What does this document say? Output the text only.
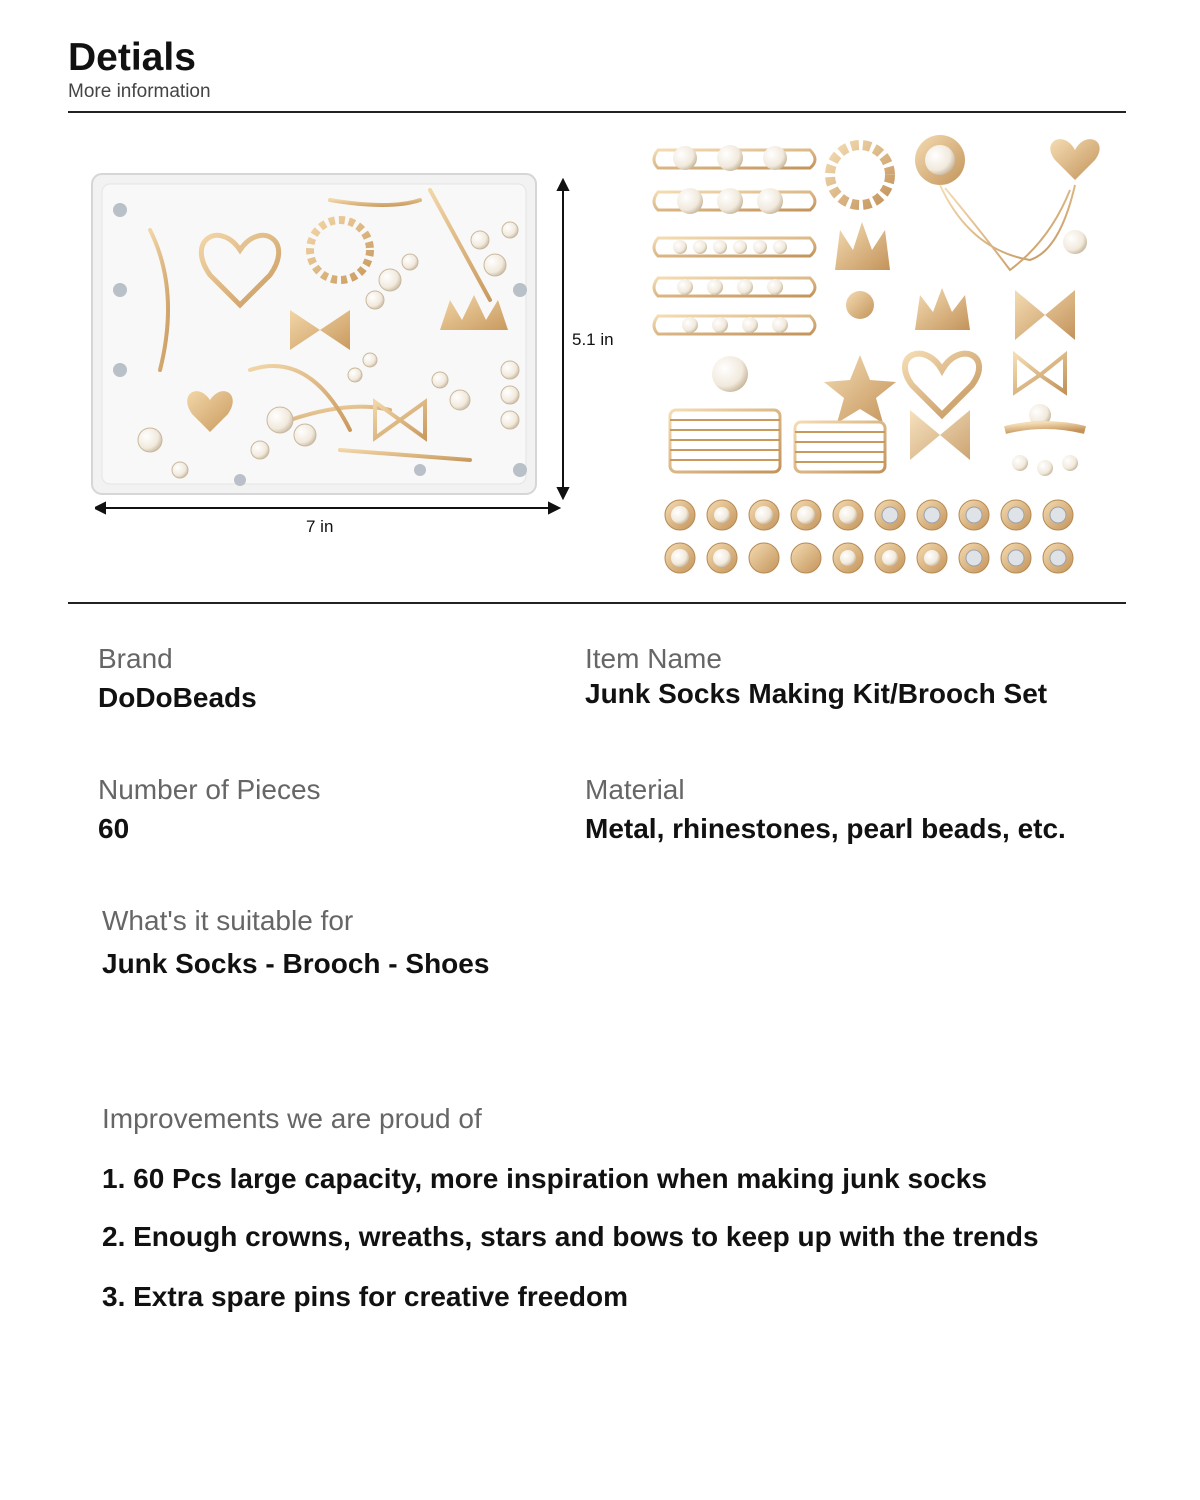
Detials
More information
5.1 in
7 in
Brand
DoDoBeads
Item Name
Junk Socks Making Kit/Brooch Set
Number of Pieces
60
Material
Metal, rhinestones, pearl beads, etc.
What's it suitable for
Junk Socks - Brooch - Shoes
Improvements we are proud of
1. 60 Pcs large capacity, more inspiration when making junk socks
2. Enough crowns, wreaths, stars and bows to keep up with the trends
3. Extra spare pins for creative freedom
